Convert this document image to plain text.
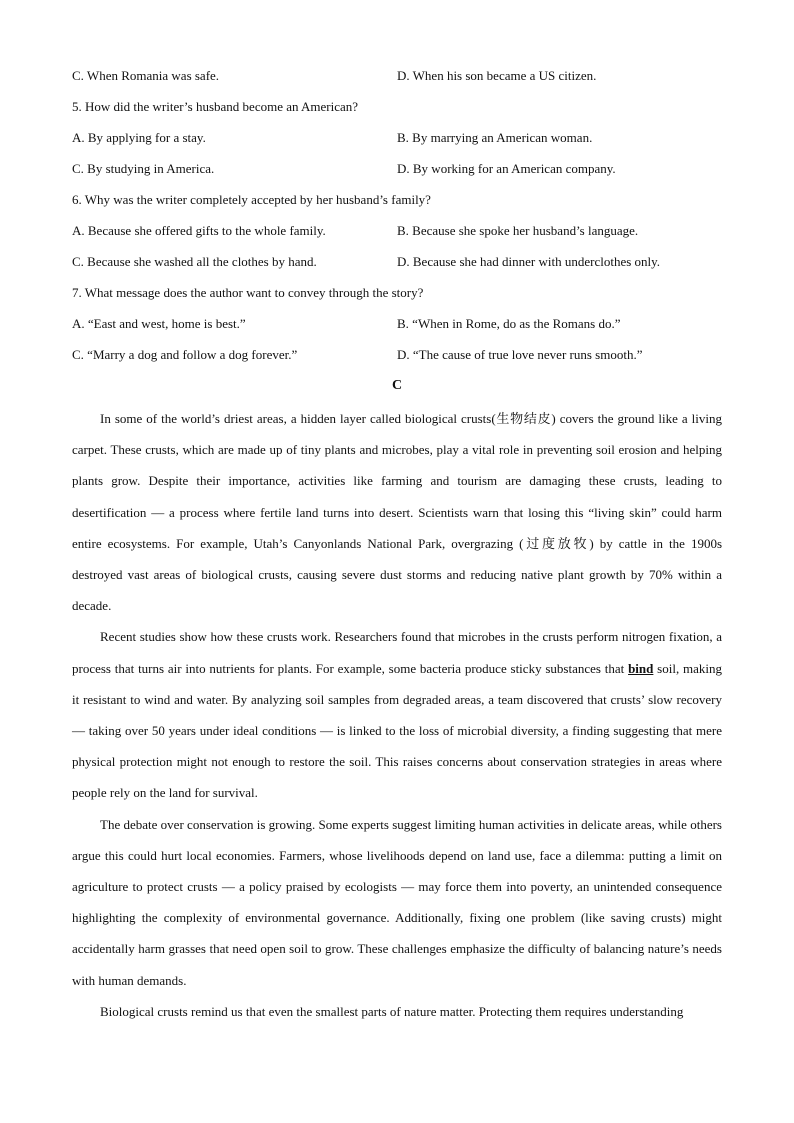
C. When Romania was safe.	D. When his son became a US citizen.
5. How did the writer’s husband become an American?
A. By applying for a stay.	B. By marrying an American woman.
C. By studying in America.	D. By working for an American company.
6. Why was the writer completely accepted by her husband’s family?
A. Because she offered gifts to the whole family.	B. Because she spoke her husband’s language.
C. Because she washed all the clothes by hand.	D. Because she had dinner with underclothes only.
7. What message does the author want to convey through the story?
A. “East and west, home is best.”	B. “When in Rome, do as the Romans do.”
C. “Marry a dog and follow a dog forever.”	D. “The cause of true love never runs smooth.”
C

In some of the world’s driest areas, a hidden layer called biological crusts(生物结皮) covers the ground like a living carpet. These crusts, which are made up of tiny plants and microbes, play a vital role in preventing soil erosion and helping plants grow. Despite their importance, activities like farming and tourism are damaging these crusts, leading to desertification — a process where fertile land turns into desert. Scientists warn that losing this “living skin” could harm entire ecosystems. For example, Utah’s Canyonlands National Park, overgrazing (过度放牧) by cattle in the 1900s destroyed vast areas of biological crusts, causing severe dust storms and reducing native plant growth by 70% within a decade.

Recent studies show how these crusts work. Researchers found that microbes in the crusts perform nitrogen fixation, a process that turns air into nutrients for plants. For example, some bacteria produce sticky substances that bind soil, making it resistant to wind and water. By analyzing soil samples from degraded areas, a team discovered that crusts’ slow recovery — taking over 50 years under ideal conditions — is linked to the loss of microbial diversity, a finding suggesting that mere physical protection might not enough to restore the soil. This raises concerns about conservation strategies in areas where people rely on the land for survival.

The debate over conservation is growing. Some experts suggest limiting human activities in delicate areas, while others argue this could hurt local economies. Farmers, whose livelihoods depend on land use, face a dilemma: putting a limit on agriculture to protect crusts — a policy praised by ecologists — may force them into poverty, an unintended consequence highlighting the complexity of environmental governance. Additionally, fixing one problem (like saving crusts) might accidentally harm grasses that need open soil to grow. These challenges emphasize the difficulty of balancing nature’s needs with human demands.

Biological crusts remind us that even the smallest parts of nature matter. Protecting them requires understanding
